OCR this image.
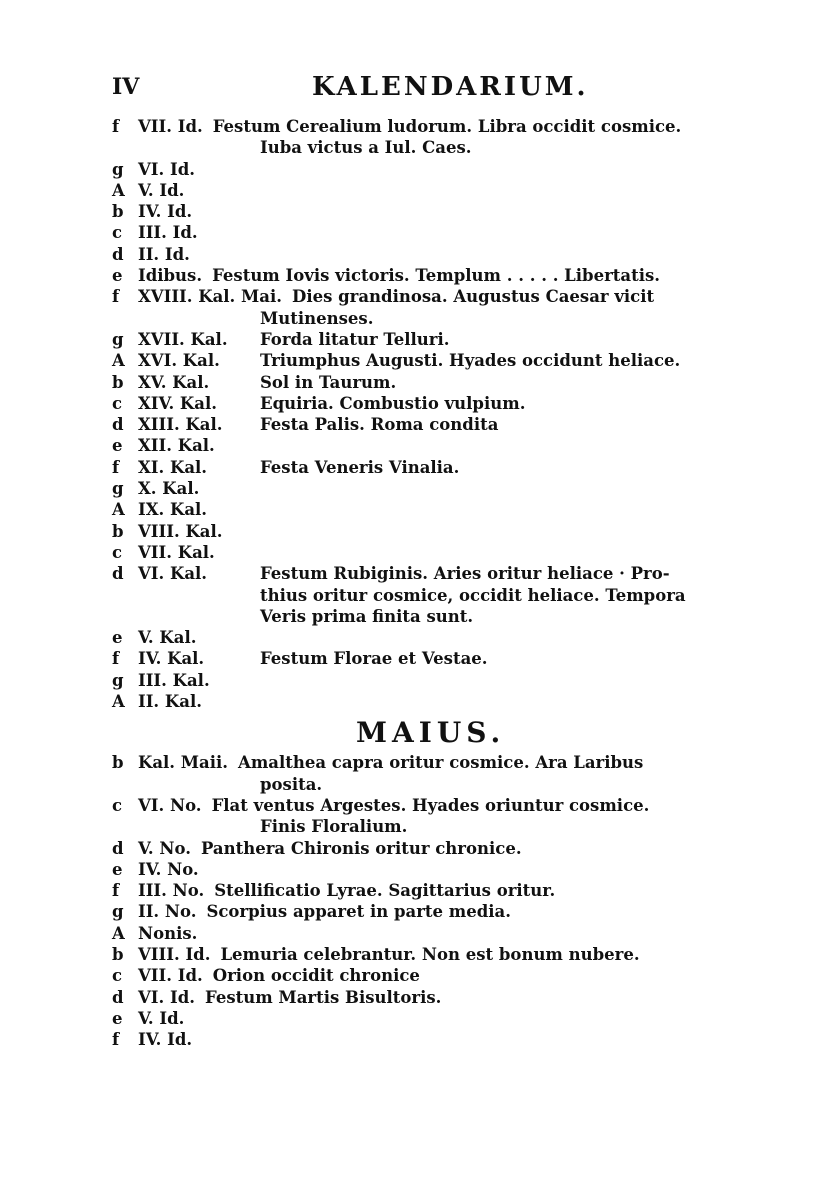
IV	KALENDARIUM.
f	VII. Id. Festum Cerealium ludorum. Libra occidit cosmice.
Iuba victus a Iul. Caes.
g VI. Id.
A V. Id.
b IV. Id.
c III. Id.
d II. Id.
e Idibus. Festum Iovis victoris. Templum . . . . . Libertatis.
f	XVIII. Kal. Mai. Dies grandinosa. Augustus Caesar vicit
Mutinenses.
g XVII. Kal. Forda litatur Telluri.
A XVI. Kal. Triumphus Augusti. Hyades occidunt heliace.
b XV. Kal.	Sol in Taurum.
c XIV. Kal.	Equiria. Combustio vulpium.
d XIII. Kal. Festa Palis. Roma condita
e XII. Kal.
f	XI. Kal.	Festa Veneris Vinalia.
g X. Kal.
A IX. Kal.
b VIII. Kal.
c VII. Kal.
d VI. Kal.	Festum Rubiginis. Aries oritur heliace · Pro-
thius oritur cosmice, occidit heliace. Tempora
Veris prima finita sunt.
e V. Kal.
f	IV. Kal.	Festum Florae et Vestae.
g III. Kal.
A II. Kal.
MAIUS.
b Kal. Maii. Amalthea capra oritur cosmice. Ara Laribus
posita.
c VI. No. Flat ventus Argestes. Hyades oriuntur cosmice.
Finis Floralium.
d V. No. Panthera Chironis oritur chronice.
e IV. No.
f	III. No. Stellificatio Lyrae. Sagittarius oritur.
g II. No. Scorpius apparet in parte media.
A Nonis.
b VIII. Id. Lemuria celebrantur. Non est bonum nubere.
c VII. Id. Orion occidit chronice
d VI. Id. Festum Martis Bisultoris.
e V. Id.
f	IV. Id.
